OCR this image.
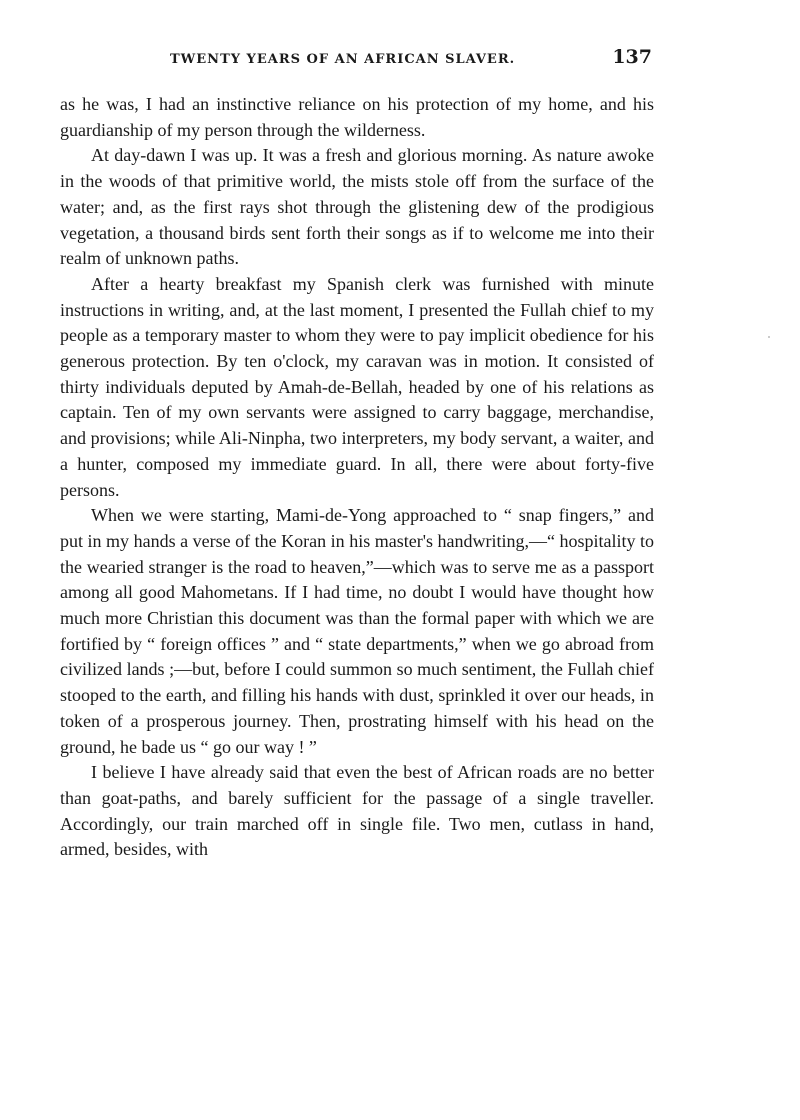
TWENTY YEARS OF AN AFRICAN SLAVER.	137

as he was, I had an instinctive reliance on his protection of my home, and his guardianship of my person through the wilderness.

At day-dawn I was up. It was a fresh and glorious morning. As nature awoke in the woods of that primitive world, the mists stole off from the surface of the water; and, as the first rays shot through the glistening dew of the prodigious vegetation, a thousand birds sent forth their songs as if to welcome me into their realm of unknown paths.

After a hearty breakfast my Spanish clerk was furnished with minute instructions in writing, and, at the last moment, I presented the Fullah chief to my people as a temporary master to whom they were to pay implicit obedience for his generous protection. By ten o'clock, my caravan was in motion. It consisted of thirty individuals deputed by Amah-de-Bellah, headed by one of his relations as captain. Ten of my own servants were assigned to carry baggage, merchandise, and provisions; while Ali-Ninpha, two interpreters, my body servant, a waiter, and a hunter, composed my immediate guard. In all, there were about forty-five persons.

When we were starting, Mami-de-Yong approached to “ snap fingers,” and put in my hands a verse of the Koran in his master's handwriting,—“ hospitality to the wearied stranger is the road to heaven,”—which was to serve me as a passport among all good Mahometans. If I had time, no doubt I would have thought how much more Christian this document was than the formal paper with which we are fortified by “ foreign offices ” and “ state departments,” when we go abroad from civilized lands ;—but, before I could summon so much sentiment, the Fullah chief stooped to the earth, and filling his hands with dust, sprinkled it over our heads, in token of a prosperous journey. Then, prostrating himself with his head on the ground, he bade us “ go our way ! ”

I believe I have already said that even the best of African roads are no better than goat-paths, and barely sufficient for the passage of a single traveller. Accordingly, our train marched off in single file. Two men, cutlass in hand, armed, besides, with
